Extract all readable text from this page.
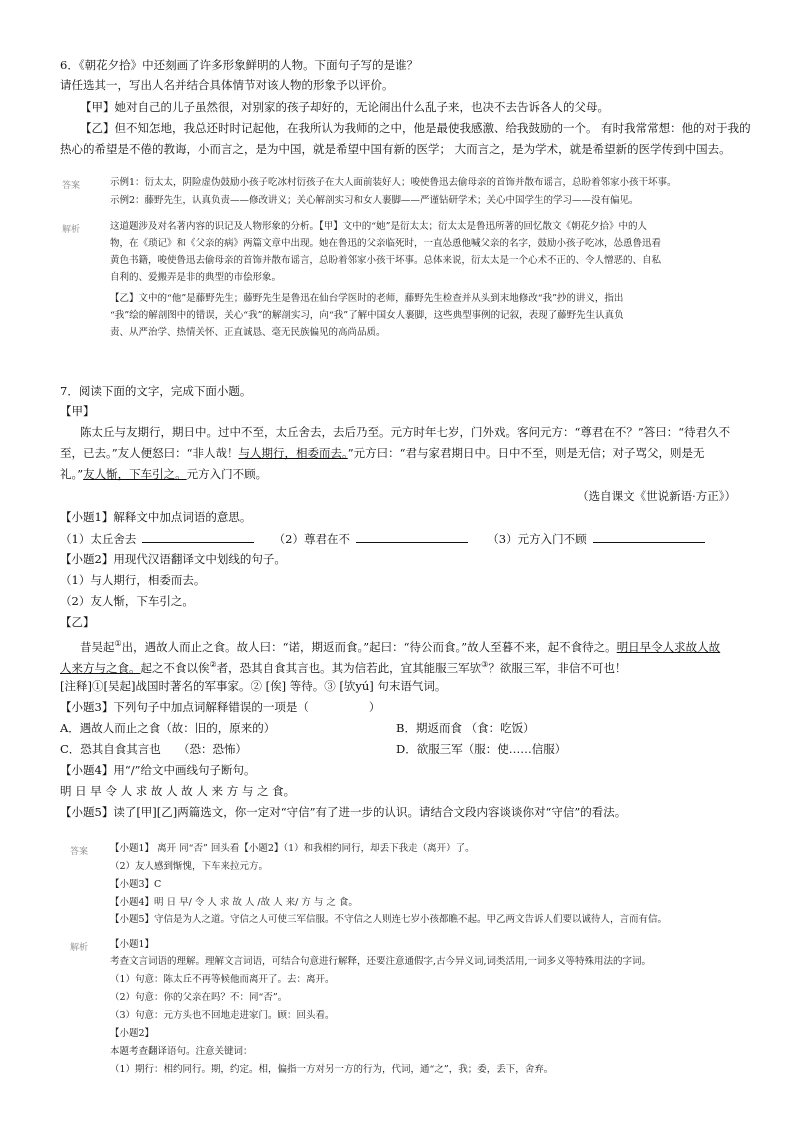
6．《朝花夕拾》中还刻画了许多形象鲜明的人物。下面句子写的是谁？
请任选其一，写出人名并结合具体情节对该人物的形象予以评价。
【甲】她对自己的儿子虽然很，对别家的孩子却好的，无论闹出什么乱子来，也决不去告诉各人的父母。
【乙】但不知怎地，我总还时时记起他，在我所认为我师的之中，他是最使我感激、给我鼓励的一个。 有时我常常想：他的对于我的
热心的希望是不倦的教诲，小而言之，是为中国，就是希望中国有新的医学； 大而言之，是为学术，就是希望新的医学传到中国去。
答案	示例1：衍太太，阴险虚伪鼓励小孩子吃冰村衍孩子在大人面前装好人；唆使鲁迅去偷母亲的首饰并散布谣言，总盼着邻家小孩干坏事。
示例2：藤野先生，认真负责——修改讲义；关心解剖实习和女人裹脚——严谨钻研学术；关心中国学生的学习——没有偏见。
解析	这道题涉及对名著内容的识记及人物形象的分析。【甲】文中的“她”是衍太太；衍太太是鲁迅所著的回忆散文《朝花夕拾》中的人
物，在《琐记》和《父亲的病》两篇文章中出现。她在鲁迅的父亲临死时，一直怂恿他喊父亲的名字，鼓励小孩子吃冰，怂恿鲁迅看
黄色书籍，唆使鲁迅去偷母亲的首饰并散布谣言，总盼着邻家小孩干坏事。总体来说，衍太太是一个心术不正的、令人憎恶的、自私
自利的、爱搬弄是非的典型的市侩形象。
【乙】文中的“他”是藤野先生；藤野先生是鲁迅在仙台学医时的老师，藤野先生检查并从头到末地修改“我”抄的讲义，指出
“我”绘的解剖图中的错误，关心“我”的解剖实习，向“我”了解中国女人裹脚，这些典型事例的记叙，表现了藤野先生认真负
责、从严治学、热情关怀、正直诚恳、毫无民族偏见的高尚品质。
7．阅读下面的文字，完成下面小题。
【甲】
陈太丘与友期行，期日中。过中不至，太丘舍去，去后乃至。元方时年七岁，门外戏。客问元方：“尊君在不？”答曰：“待君久不
至，已去。”友人便怒曰：“非人哉！与人期行，相委而去。”元方曰：“君与家君期日中。日中不至，则是无信；对子骂父，则是无
礼。”友人惭，下车引之。元方入门不顾。
（选自课文《世说新语·方正》）
【小题1】解释文中加点词语的意思。
（1）太丘舍去	（2）尊君在不	（3）元方入门不顾
【小题2】用现代汉语翻译文中划线的句子。
（1）与人期行，相委而去。
（2）友人惭，下车引之。
【乙】
昔吴起①出，遇故人而止之食。故人曰：“诺，期返而食。”起曰：“待公而食。”故人至暮不来，起不食待之。明日早令人求故人故
人来方与之食。起之不食以俟②者，恐其自食其言也。其为信若此，宜其能服三军欤③？欲服三军，非信不可也！
[注释]①[吴起]战国时著名的军事家。② [俟] 等待。③ [欤yú] 句末语气词。
【小题3】下列句子中加点词解释错误的一项是（	）
A．遇故人而止之食（故：旧的，原来的）	B．期返而食 （食：吃饭）
C．恐其自食其言也　　（恐：恐怖）	D．欲服三军（服：使……信服）
【小题4】用“/”给文中画线句子断句。
明 日 早 令 人 求 故 人 故 人 来 方 与 之 食。
【小题5】读了[甲][乙]两篇选文，你一定对“守信”有了进一步的认识。请结合文段内容谈谈你对“守信”的看法。
答案 【小题1】 离开 同“否” 回头看【小题2】（1）和我相约同行，却丢下我走（离开）了。
（2）友人感到惭愧，下车来拉元方。
【小题3】C
【小题4】明 日 早/ 令 人 求 故 人 /故 人 来/ 方 与 之 食。
【小题5】守信是为人之道。守信之人可使三军信服。不守信之人则连七岁小孩都瞧不起。甲乙两文告诉人们要以诚待人，言而有信。
解析 【小题1】
考查文言词语的理解。理解文言词语，可结合句意进行解释，还要注意通假字,古今异义词,词类活用,一词多义等特殊用法的字词。
（1）句意：陈太丘不再等候他而离开了。去：离开。
（2）句意：你的父亲在吗？不：同“否”。
（3）句意：元方头也不回地走进家门。顾：回头看。
【小题2】
本题考查翻译语句。注意关键词：
（1）期行：相约同行。期，约定。相，偏指一方对另一方的行为，代词，通“之”，我；委，丢下，舍弃。
